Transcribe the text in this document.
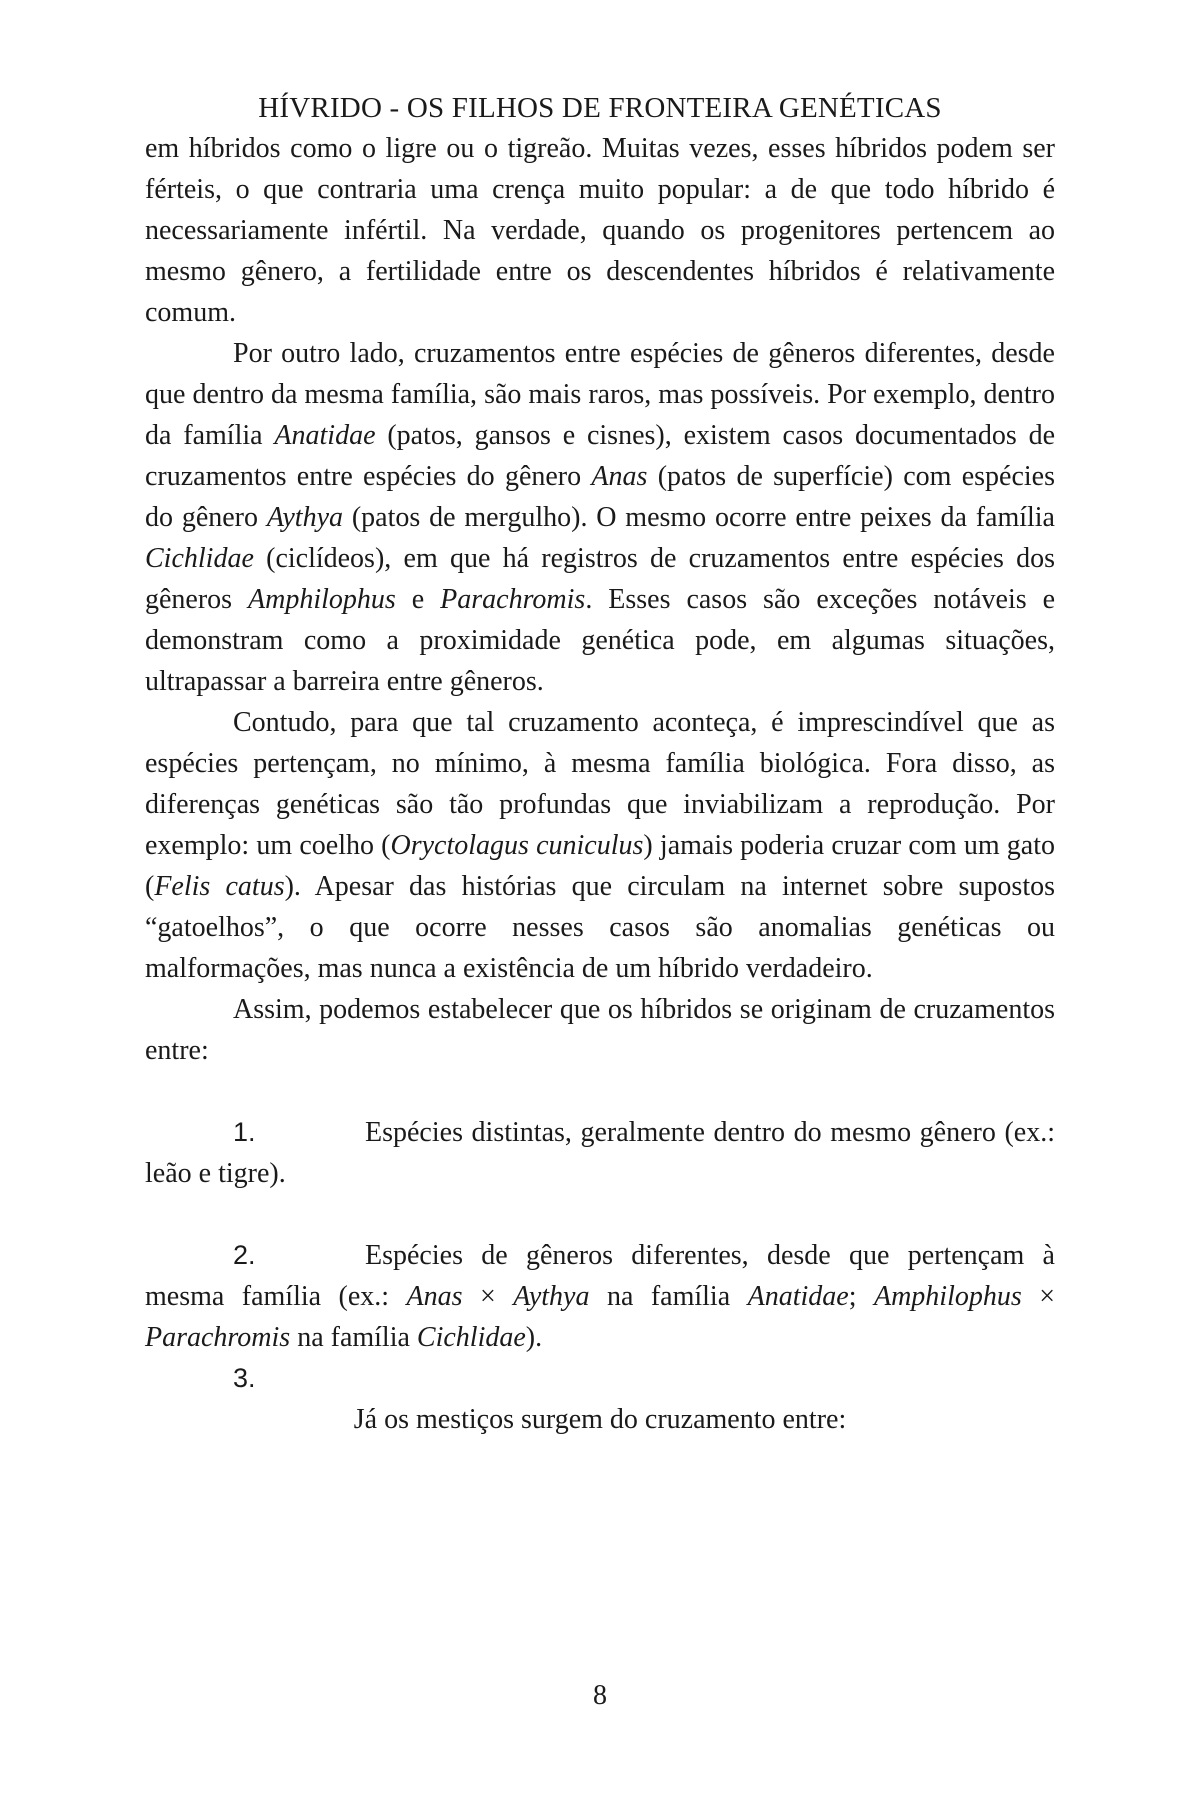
HÍVRIDO - OS FILHOS DE FRONTEIRA GENÉTICAS

em híbridos como o ligre ou o tigreão. Muitas vezes, esses híbridos podem ser férteis, o que contraria uma crença muito popular: a de que todo híbrido é necessariamente infértil. Na verdade, quando os progenitores pertencem ao mesmo gênero, a fertilidade entre os descendentes híbridos é relativamente comum.

Por outro lado, cruzamentos entre espécies de gêneros diferentes, desde que dentro da mesma família, são mais raros, mas possíveis. Por exemplo, dentro da família Anatidae (patos, gansos e cisnes), existem casos documentados de cruzamentos entre espécies do gênero Anas (patos de superfície) com espécies do gênero Aythya (patos de mergulho). O mesmo ocorre entre peixes da família Cichlidae (ciclídeos), em que há registros de cruzamentos entre espécies dos gêneros Amphilophus e Parachromis. Esses casos são exceções notáveis e demonstram como a proximidade genética pode, em algumas situações, ultrapassar a barreira entre gêneros.

Contudo, para que tal cruzamento aconteça, é imprescindível que as espécies pertençam, no mínimo, à mesma família biológica. Fora disso, as diferenças genéticas são tão profundas que inviabilizam a reprodução. Por exemplo: um coelho (Oryctolagus cuniculus) jamais poderia cruzar com um gato (Felis catus). Apesar das histórias que circulam na internet sobre supostos “gatoelhos”, o que ocorre nesses casos são anomalias genéticas ou malformações, mas nunca a existência de um híbrido verdadeiro.

Assim, podemos estabelecer que os híbridos se originam de cruzamentos entre:

1.	Espécies distintas, geralmente dentro do mesmo gênero (ex.: leão e tigre).

2.	Espécies de gêneros diferentes, desde que pertençam à mesma família (ex.: Anas × Aythya na família Anatidae; Amphilophus × Parachromis na família Cichlidae).

3.

Já os mestiços surgem do cruzamento entre:

8
